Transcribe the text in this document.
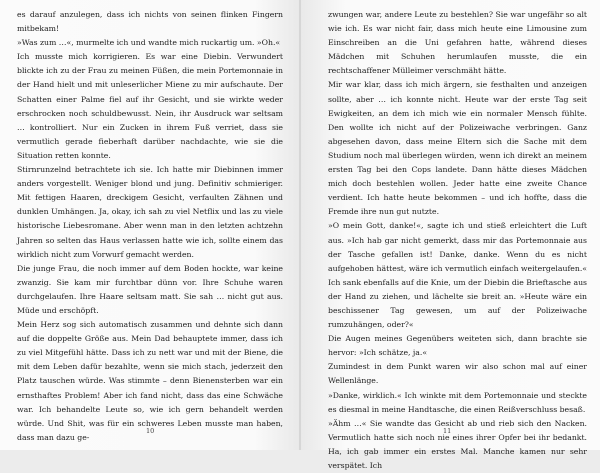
es darauf anzulegen, dass ich nichts von seinen flinken Fingern mitbekam!

»Was zum …«, murmelte ich und wandte mich ruckartig um. »Oh.«

Ich musste mich korrigieren. Es war eine Diebin. Verwundert blickte ich zu der Frau zu meinen Füßen, die mein Portemonnaie in der Hand hielt und mit unleserlicher Miene zu mir aufschaute. Der Schatten einer Palme fiel auf ihr Gesicht, und sie wirkte weder erschrocken noch schuldbewusst. Nein, ihr Ausdruck war seltsam … kontrolliert. Nur ein Zucken in ihrem Fuß verriet, dass sie vermutlich gerade fieberhaft darüber nachdachte, wie sie die Situation retten konnte.

Stirnrunzelnd betrachtete ich sie. Ich hatte mir Diebinnen immer anders vorgestellt. Weniger blond und jung. Definitiv schmieriger. Mit fettigen Haaren, dreckigem Gesicht, verfaulten Zähnen und dunklen Umhängen. Ja, okay, ich sah zu viel Netflix und las zu viele historische Liebesromane. Aber wenn man in den letzten achtzehn Jahren so selten das Haus verlassen hatte wie ich, sollte einem das wirklich nicht zum Vorwurf gemacht werden.

Die junge Frau, die noch immer auf dem Boden hockte, war keine zwanzig. Sie kam mir furchtbar dünn vor. Ihre Schuhe waren durchgelaufen. Ihre Haare seltsam matt. Sie sah … nicht gut aus. Müde und erschöpft.

Mein Herz sog sich automatisch zusammen und dehnte sich dann auf die doppelte Größe aus. Mein Dad behauptete immer, dass ich zu viel Mitgefühl hätte. Dass ich zu nett war und mit der Biene, die mit dem Leben dafür bezahlte, wenn sie mich stach, jederzeit den Platz tauschen würde. Was stimmte – denn Bienensterben war ein ernsthaftes Problem! Aber ich fand nicht, dass das eine Schwäche war. Ich behandelte Leute so, wie ich gern behandelt werden würde. Und Shit, was für ein schweres Leben musste man haben, dass man dazu ge-

10

zwungen war, andere Leute zu bestehlen? Sie war ungefähr so alt wie ich. Es war nicht fair, dass mich heute eine Limousine zum Einschreiben an die Uni gefahren hatte, während dieses Mädchen mit Schuhen herumlaufen musste, die ein rechtschaffener Mülleimer verschmäht hätte.

Mir war klar, dass ich mich ärgern, sie festhalten und anzeigen sollte, aber … ich konnte nicht. Heute war der erste Tag seit Ewigkeiten, an dem ich mich wie ein normaler Mensch fühlte. Den wollte ich nicht auf der Polizeiwache verbringen. Ganz abgesehen davon, dass meine Eltern sich die Sache mit dem Studium noch mal überlegen würden, wenn ich direkt an meinem ersten Tag bei den Cops landete. Dann hätte dieses Mädchen mich doch bestehlen wollen. Jeder hatte eine zweite Chance verdient. Ich hatte heute bekommen – und ich hoffte, dass die Fremde ihre nun gut nutzte.

»O mein Gott, danke!«, sagte ich und stieß erleichtert die Luft aus. »Ich hab gar nicht gemerkt, dass mir das Portemonnaie aus der Tasche gefallen ist! Danke, danke. Wenn du es nicht aufgehoben hättest, wäre ich vermutlich einfach weitergelaufen.« Ich sank ebenfalls auf die Knie, um der Diebin die Brieftasche aus der Hand zu ziehen, und lächelte sie breit an. »Heute wäre ein beschissener Tag gewesen, um auf der Polizeiwache rumzuhängen, oder?«

Die Augen meines Gegenübers weiteten sich, dann brachte sie hervor: »Ich schätze, ja.«

Zumindest in dem Punkt waren wir also schon mal auf einer Wellenlänge.

»Danke, wirklich.« Ich winkte mit dem Portemonnaie und steckte es diesmal in meine Handtasche, die einen Reißverschluss besaß.

»Ähm …« Sie wandte das Gesicht ab und rieb sich den Nacken. Vermutlich hatte sich noch nie eines ihrer Opfer bei ihr bedankt. Ha, ich gab immer ein erstes Mal. Manche kamen nur sehr verspätet. Ich

11
